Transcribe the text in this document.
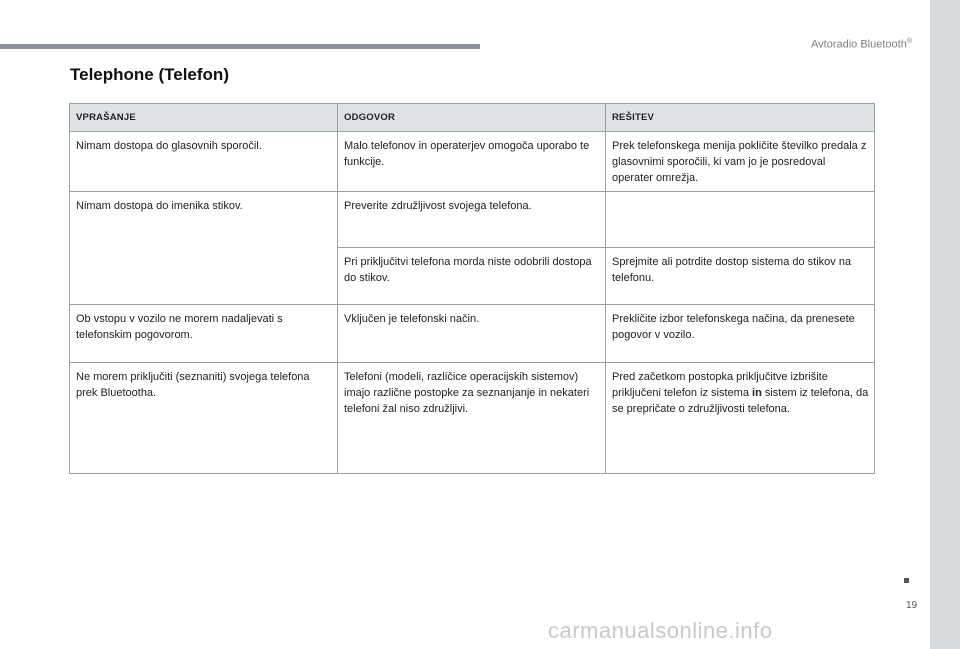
Avtoradio Bluetooth®
Telephone (Telefon)
VPRAŠANJE	ODGOVOR	REŠITEV
Nimam dostopa do glasovnih sporočil.	Malo telefonov in operaterjev omogoča uporabo te funkcije.	Prek telefonskega menija pokličite številko predala z glasovnimi sporočili, ki vam jo je posredoval operater omrežja.
Nimam dostopa do imenika stikov.	Preverite združljivost svojega telefona.	
	Pri priključitvi telefona morda niste odobrili dostopa do stikov.	Sprejmite ali potrdite dostop sistema do stikov na telefonu.
Ob vstopu v vozilo ne morem nadaljevati s telefonskim pogovorom.	Vključen je telefonski način.	Prekličite izbor telefonskega načina, da prenesete pogovor v vozilo.
Ne morem priključiti (seznaniti) svojega telefona prek Bluetootha.	Telefoni (modeli, različice operacijskih sistemov) imajo različne postopke za seznanjanje in nekateri telefoni žal niso združljivi.	Pred začetkom postopka priključitve izbrišite priključeni telefon iz sistema in sistem iz telefona, da se prepričate o združljivosti telefona.
19
carmanualsonline.info
